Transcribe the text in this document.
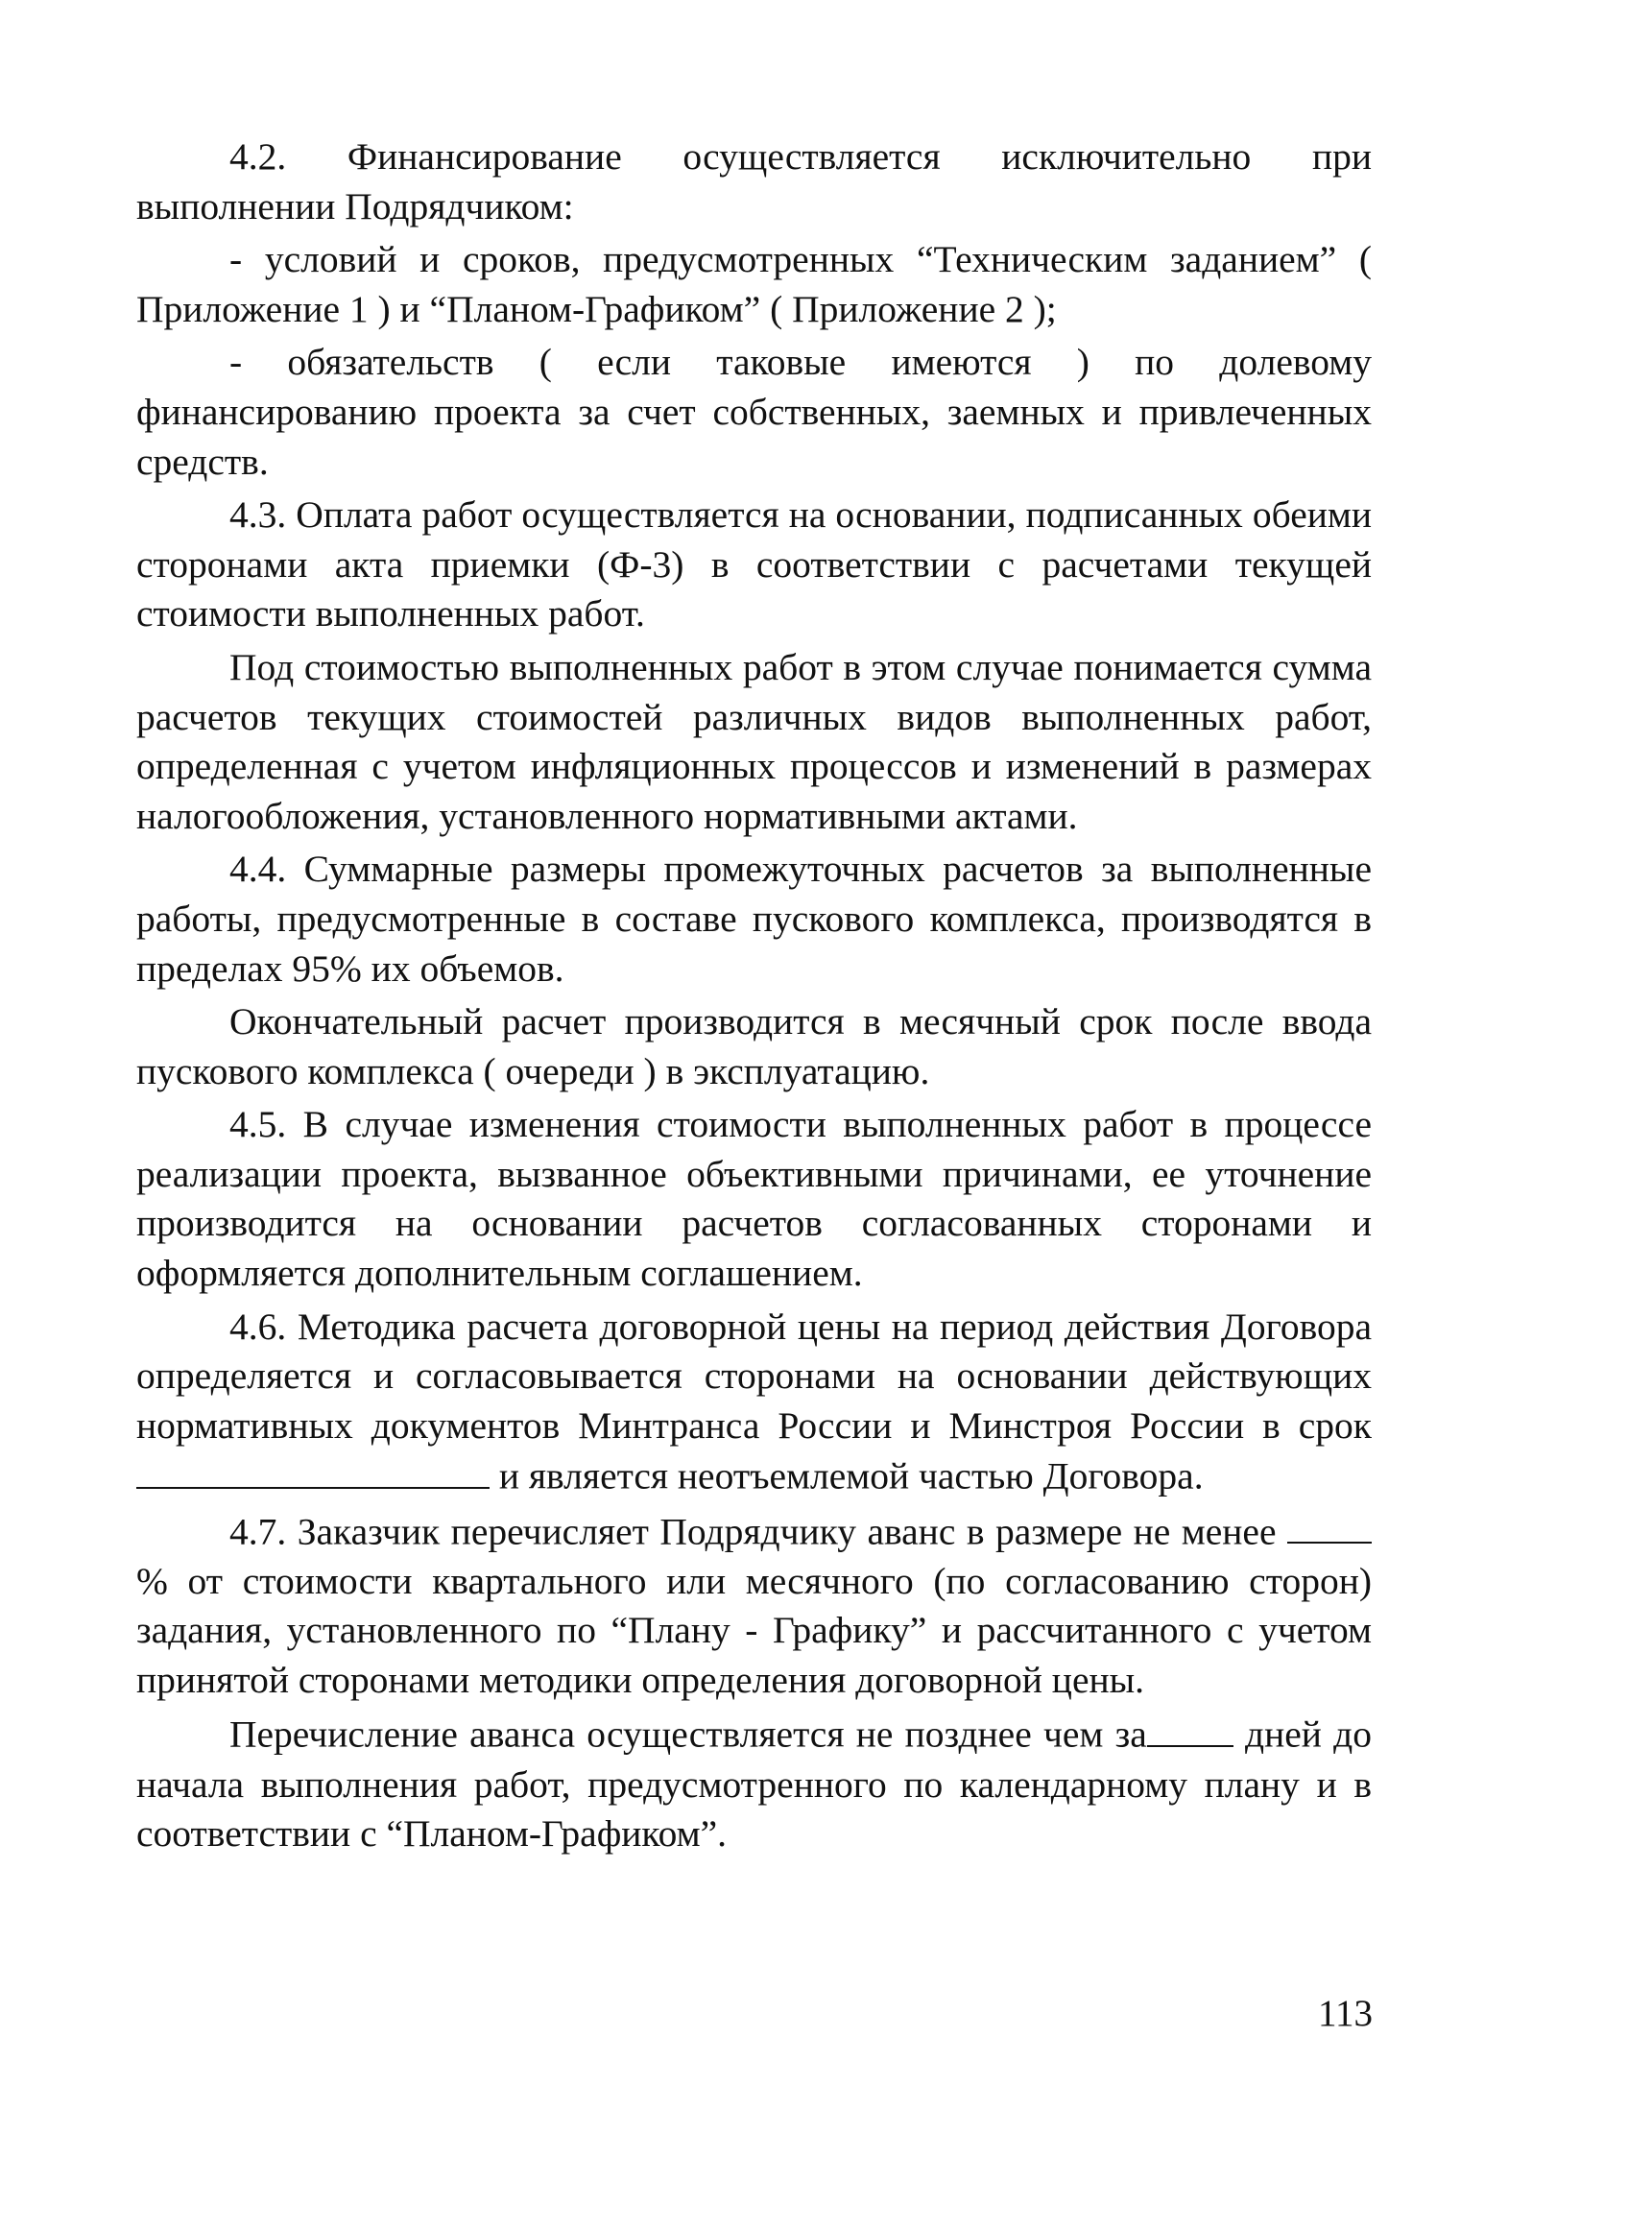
4.2. Финансирование осуществляется исключительно при выполнении Подрядчиком:

- условий и сроков, предусмотренных “Техническим заданием” ( Приложение 1 ) и “Планом-Графиком” ( Приложение 2 );

- обязательств ( если таковые имеются ) по долевому финансированию проекта за счет собственных, заемных и привлеченных средств.

4.3. Оплата работ осуществляется на основании, подписанных обеими сторонами акта приемки (Ф-3) в соответствии с расчетами текущей стоимости выполненных работ.

Под стоимостью выполненных работ в этом случае понимается сумма расчетов текущих стоимостей различных видов выполненных работ, определенная с учетом инфляционных процессов и изменений в размерах налогообложения, установленного нормативными актами.

4.4. Суммарные размеры промежуточных расчетов за выполненные работы, предусмотренные в составе пускового комплекса, производятся в пределах 95% их объемов.

Окончательный расчет производится в месячный срок после ввода пускового комплекса ( очереди ) в эксплуатацию.

4.5. В случае изменения стоимости выполненных работ в процессе реализации проекта, вызванное объективными причинами, ее уточнение производится на основании расчетов согласованных сторонами и оформляется дополнительным соглашением.

4.6. Методика расчета договорной цены на период действия Договора определяется и согласовывается сторонами на основании действующих нормативных документов Минтранса России и Минстроя России в срок  и является неотъемлемой частью Договора.

4.7. Заказчик перечисляет Подрядчику аванс в размере не менее % от стоимости квартального или месячного (по согласованию сторон) задания, установленного по “Плану - Графику” и рассчитанного с учетом принятой сторонами методики определения договорной цены.

Перечисление аванса осуществляется не позднее чем за	дней до начала выполнения работ, предусмотренного по календарному плану и в соответствии с “Планом-Графиком”.

113
